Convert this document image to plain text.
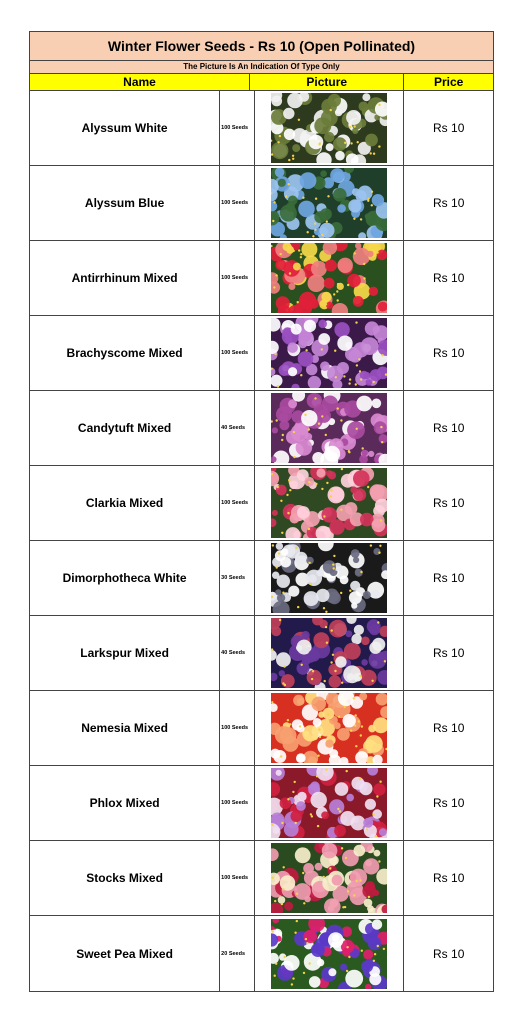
Winter Flower Seeds - Rs 10 (Open Pollinated)
The Picture Is An Indication Of Type Only
Name	Picture	Price
Alyssum White	100 Seeds	Rs 10
Alyssum Blue	100 Seeds	Rs 10
Antirrhinum Mixed	100 Seeds	Rs 10
Brachyscome Mixed	100 Seeds	Rs 10
Candytuft Mixed	40 Seeds	Rs 10
Clarkia Mixed	100 Seeds	Rs 10
Dimorphotheca White	30 Seeds	Rs 10
Larkspur Mixed	40 Seeds	Rs 10
Nemesia Mixed	100 Seeds	Rs 10
Phlox Mixed	100 Seeds	Rs 10
Stocks Mixed	100 Seeds	Rs 10
Sweet Pea Mixed	20 Seeds	Rs 10
